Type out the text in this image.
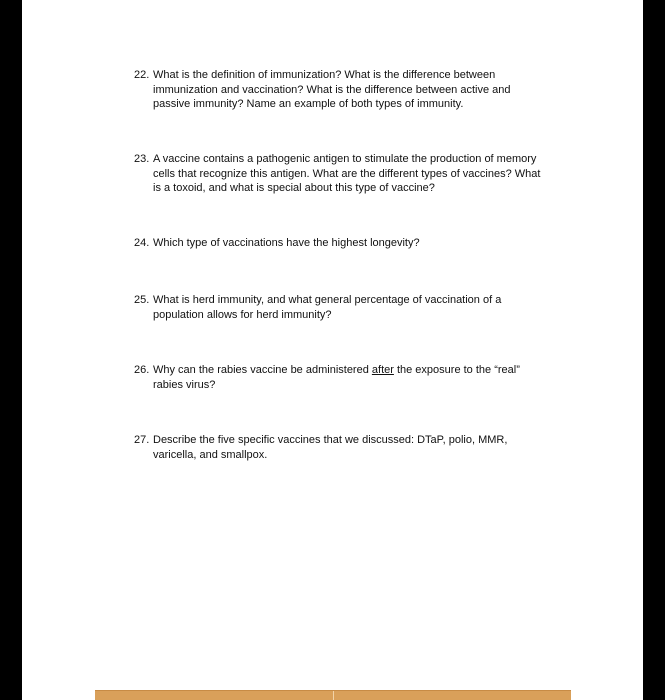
22. What is the definition of immunization? What is the difference between
immunization and vaccination? What is the difference between active and
passive immunity? Name an example of both types of immunity.
23. A vaccine contains a pathogenic antigen to stimulate the production of memory
cells that recognize this antigen. What are the different types of vaccines? What
is a toxoid, and what is special about this type of vaccine?
24. Which type of vaccinations have the highest longevity?
25. What is herd immunity, and what general percentage of vaccination of a
population allows for herd immunity?
26. Why can the rabies vaccine be administered after the exposure to the “real”
rabies virus?
27. Describe the five specific vaccines that we discussed: DTaP, polio, MMR,
varicella, and smallpox.
